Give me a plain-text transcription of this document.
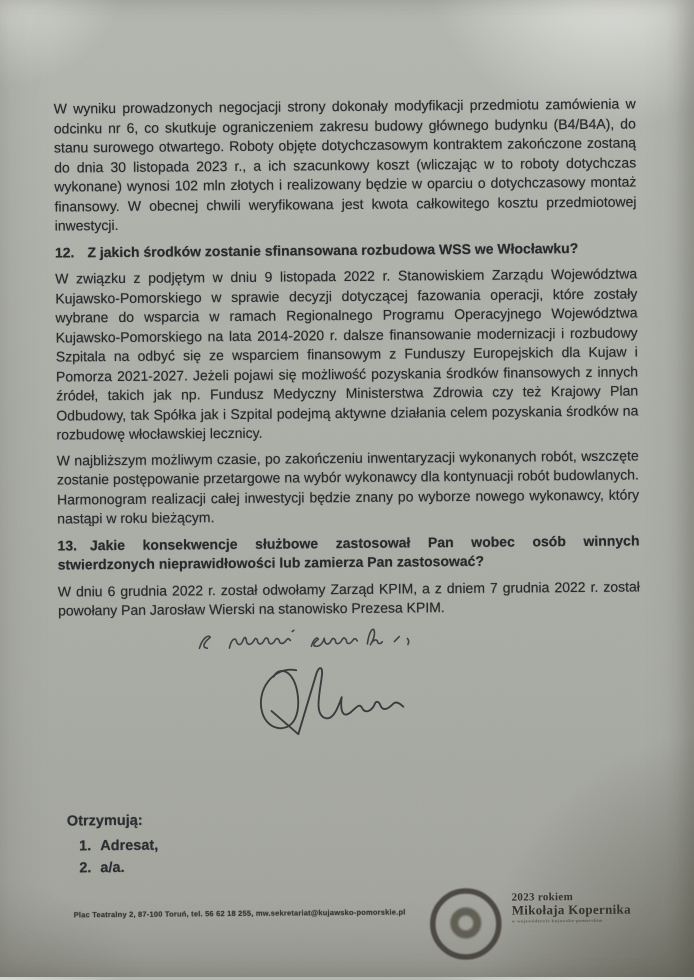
W wyniku prowadzonych negocjacji strony dokonały modyfikacji przedmiotu zamówienia w odcinku nr 6, co skutkuje ograniczeniem zakresu budowy głównego budynku (B4/B4A), do stanu surowego otwartego. Roboty objęte dotychczasowym kontraktem zakończone zostaną do dnia 30 listopada 2023 r., a ich szacunkowy koszt (wliczając w to roboty dotychczas wykonane) wynosi 102 mln złotych i realizowany będzie w oparciu o dotychczasowy montaż finansowy. W obecnej chwili weryfikowana jest kwota całkowitego kosztu przedmiotowej inwestycji.

12. Z jakich środków zostanie sfinansowana rozbudowa WSS we Włocławku?

W związku z podjętym w dniu 9 listopada 2022 r. Stanowiskiem Zarządu Województwa Kujawsko-Pomorskiego w sprawie decyzji dotyczącej fazowania operacji, które zostały wybrane do wsparcia w ramach Regionalnego Programu Operacyjnego Województwa Kujawsko-Pomorskiego na lata 2014-2020 r. dalsze finansowanie modernizacji i rozbudowy Szpitala na odbyć się ze wsparciem finansowym z Funduszy Europejskich dla Kujaw i Pomorza 2021-2027. Jeżeli pojawi się możliwość pozyskania środków finansowych z innych źródeł, takich jak np. Fundusz Medyczny Ministerstwa Zdrowia czy też Krajowy Plan Odbudowy, tak Spółka jak i Szpital podejmą aktywne działania celem pozyskania środków na rozbudowę włocławskiej lecznicy.

W najbliższym możliwym czasie, po zakończeniu inwentaryzacji wykonanych robót, wszczęte zostanie postępowanie przetargowe na wybór wykonawcy dla kontynuacji robót budowlanych. Harmonogram realizacji całej inwestycji będzie znany po wyborze nowego wykonawcy, który nastąpi w roku bieżącym.

13. Jakie konsekwencje służbowe zastosował Pan wobec osób winnych stwierdzonych nieprawidłowości lub zamierza Pan zastosować?

W dniu 6 grudnia 2022 r. został odwołamy Zarząd KPIM, a z dniem 7 grudnia 2022 r. został powołany Pan Jarosław Wierski na stanowisko Prezesa KPIM.

Otrzymują:
1. Adresat,
2. a/a.
Plac Teatralny 2, 87-100 Toruń, tel. 56 62 18 255, mw.sekretariat@kujawsko-pomorskie.pl
2023 rokiem
Mikołaja Kopernika
w województwie kujawsko-pomorskim
